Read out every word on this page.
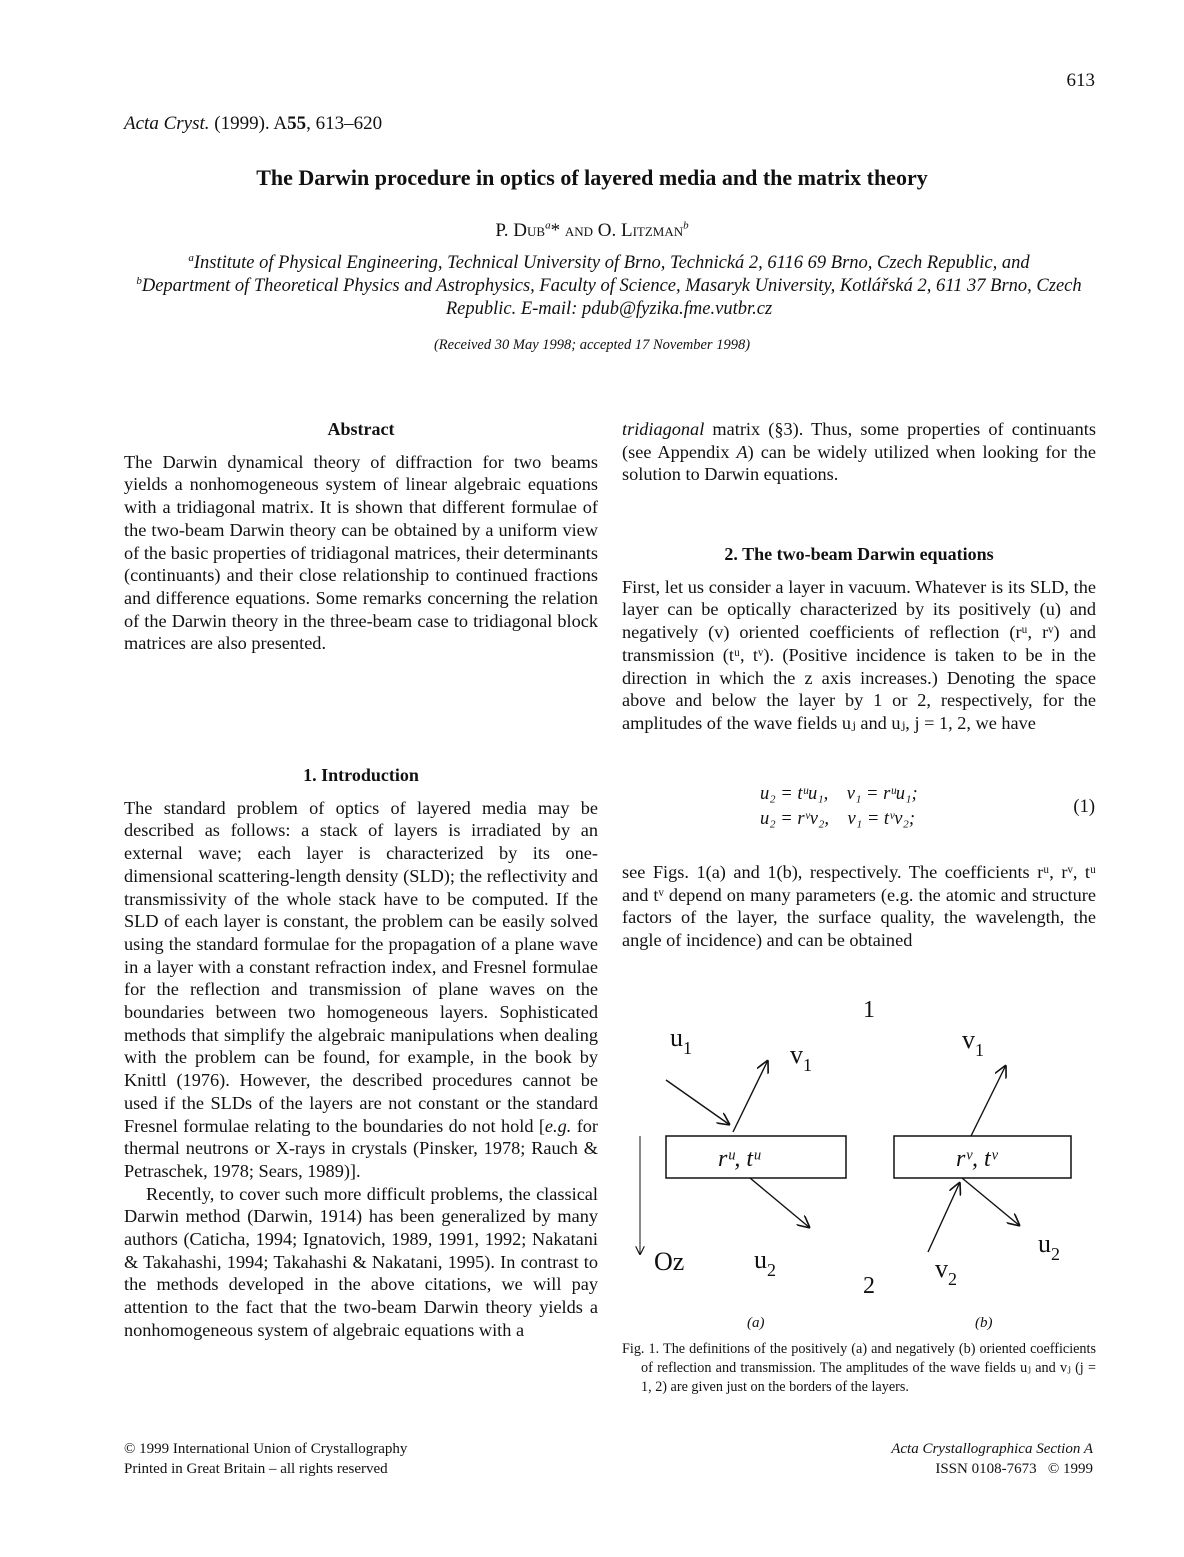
613
Acta Cryst. (1999). A55, 613–620
The Darwin procedure in optics of layered media and the matrix theory
P. Dub$^a$* and O. Litzman$^b$
$^a$Institute of Physical Engineering, Technical University of Brno, Technická 2, 6116 69 Brno, Czech Republic, and
$^b$Department of Theoretical Physics and Astrophysics, Faculty of Science, Masaryk University, Kotlářská 2, 611 37 Brno, Czech Republic. E-mail: pdub@fyzika.fme.vutbr.cz
(Received 30 May 1998; accepted 17 November 1998)
Abstract

The Darwin dynamical theory of diffraction for two beams yields a nonhomogeneous system of linear algebraic equations with a tridiagonal matrix. It is shown that different formulae of the two-beam Darwin theory can be obtained by a uniform view of the basic properties of tridiagonal matrices, their determinants (continuants) and their close relationship to continued fractions and difference equations. Some remarks concerning the relation of the Darwin theory in the three-beam case to tridiagonal block matrices are also presented.

1. Introduction

The standard problem of optics of layered media may be described as follows: a stack of layers is irradiated by an external wave; each layer is characterized by its one-dimensional scattering-length density (SLD); the reflectivity and transmissivity of the whole stack have to be computed. If the SLD of each layer is constant, the problem can be easily solved using the standard formulae for the propagation of a plane wave in a layer with a constant refraction index, and Fresnel formulae for the reflection and transmission of plane waves on the boundaries between two homogeneous layers. Sophisticated methods that simplify the algebraic manipulations when dealing with the problem can be found, for example, in the book by Knittl (1976). However, the described procedures cannot be used if the SLDs of the layers are not constant or the standard Fresnel formulae relating to the boundaries do not hold [e.g. for thermal neutrons or X-rays in crystals (Pinsker, 1978; Rauch & Petraschek, 1978; Sears, 1989)].

Recently, to cover such more difficult problems, the classical Darwin method (Darwin, 1914) has been generalized by many authors (Caticha, 1994; Ignatovich, 1989, 1991, 1992; Nakatani & Takahashi, 1994; Takahashi & Nakatani, 1995). In contrast to the methods developed in the above citations, we will pay attention to the fact that the two-beam Darwin theory yields a nonhomogeneous system of algebraic equations with a

tridiagonal matrix (§3). Thus, some properties of continuants (see Appendix A) can be widely utilized when looking for the solution to Darwin equations.

2. The two-beam Darwin equations

First, let us consider a layer in vacuum. Whatever is its SLD, the layer can be optically characterized by its positively (u) and negatively (v) oriented coefficients of reflection (rᵘ, rᵛ) and transmission (tᵘ, tᵛ). (Positive incidence is taken to be in the direction in which the z axis increases.) Denoting the space above and below the layer by 1 or 2, respectively, for the amplitudes of the wave fields uⱼ and uⱼ, j = 1, 2, we have

u₂ = tᵘu₁,    v₁ = rᵘu₁;
u₂ = rᵛv₂,    v₁ = tᵛv₂;
(1)
see Figs. 1(a) and 1(b), respectively. The coefficients rᵘ, rᵛ, tᵘ and tᵛ depend on many parameters (e.g. the atomic and structure factors of the layer, the surface quality, the wavelength, the angle of incidence) and can be obtained
1
2
rᵘ, tᵘ
$u_1$	$v_1$
$u_2$
Oz
(a)
rᵛ, tᵛ
$v_1$
$v_2$
$u_2$
(b)
Fig. 1. The definitions of the positively (a) and negatively (b) oriented coefficients of reflection and transmission. The amplitudes of the wave fields uⱼ and vⱼ (j = 1, 2) are given just on the borders of the layers.
© 1999 International Union of Crystallography
Printed in Great Britain – all rights reserved
Acta Crystallographica Section A
ISSN 0108-7673   © 1999
